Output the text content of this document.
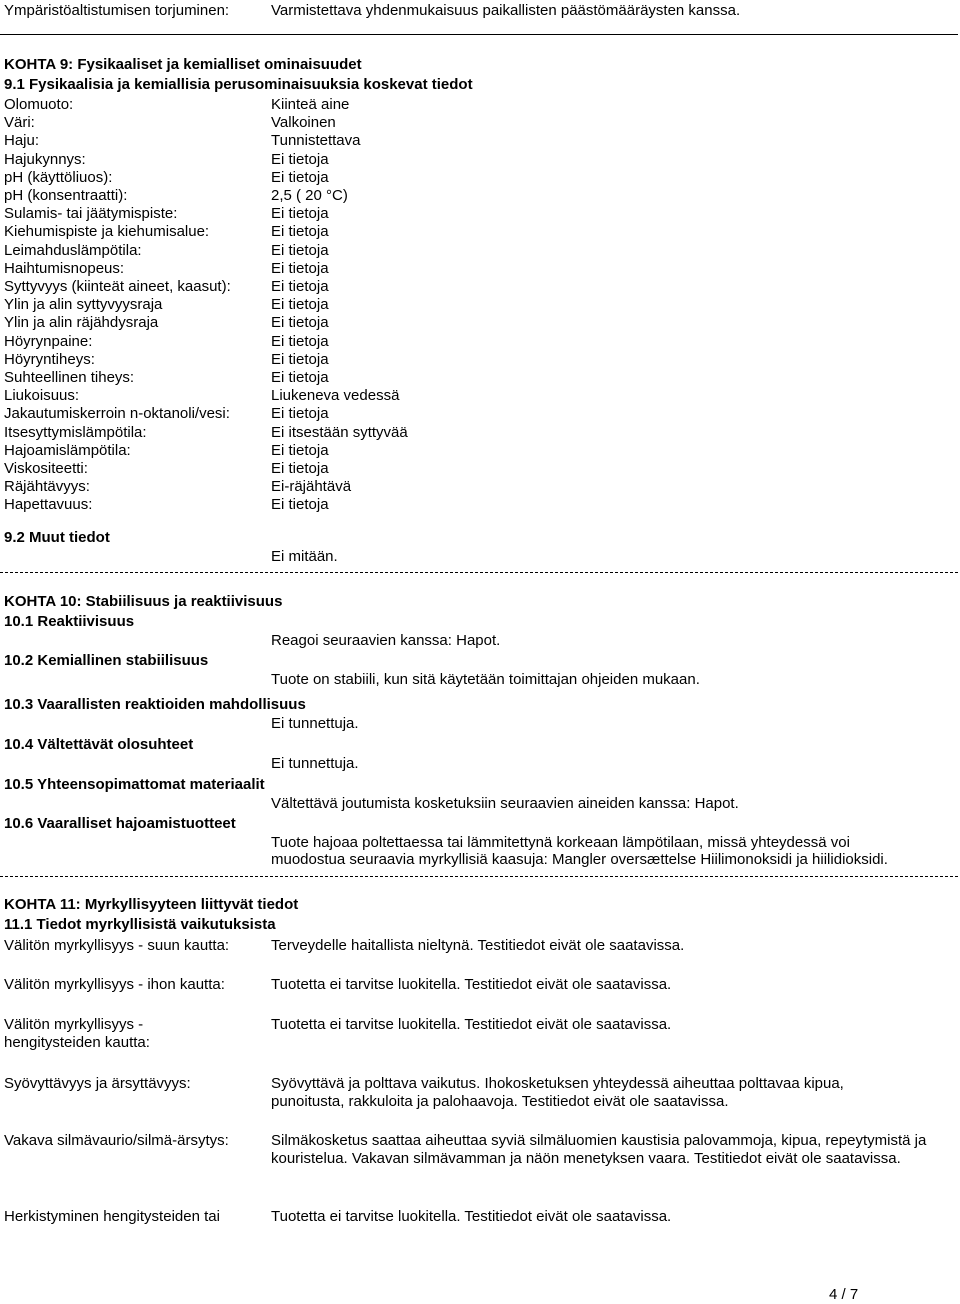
Ympäristöaltistumisen torjuminen:	Varmistettava yhdenmukaisuus paikallisten päästömääräysten kanssa.
KOHTA 9: Fysikaaliset ja kemialliset ominaisuudet
9.1 Fysikaalisia ja kemiallisia perusominaisuuksia koskevat tiedot
Olomuoto:	Kiinteä aine
Väri:	Valkoinen
Haju:	Tunnistettava
Hajukynnys:	Ei tietoja
pH (käyttöliuos):	Ei tietoja
pH (konsentraatti):	2,5 ( 20 °C)
Sulamis- tai jäätymispiste:	Ei tietoja
Kiehumispiste ja kiehumisalue:	Ei tietoja
Leimahduslämpötila:	Ei tietoja
Haihtumisnopeus:	Ei tietoja
Syttyvyys (kiinteät aineet, kaasut):	Ei tietoja
Ylin ja alin syttyvyysraja	Ei tietoja
Ylin ja alin räjähdysraja	Ei tietoja
Höyrynpaine:	Ei tietoja
Höyryntiheys:	Ei tietoja
Suhteellinen tiheys:	Ei tietoja
Liukoisuus:	Liukeneva vedessä
Jakautumiskerroin n-oktanoli/vesi:	Ei tietoja
Itsesyttymislämpötila:	Ei itsestään syttyvää
Hajoamislämpötila:	Ei tietoja
Viskositeetti:	Ei tietoja
Räjähtävyys:	Ei-räjähtävä
Hapettavuus:	Ei tietoja
9.2 Muut tiedot
Ei mitään.
KOHTA 10: Stabiilisuus ja reaktiivisuus
10.1 Reaktiivisuus
Reagoi seuraavien kanssa: Hapot.
10.2 Kemiallinen stabiilisuus
Tuote on stabiili, kun sitä käytetään toimittajan ohjeiden mukaan.
10.3 Vaarallisten reaktioiden mahdollisuus
Ei tunnettuja.
10.4 Vältettävät olosuhteet
Ei tunnettuja.
10.5 Yhteensopimattomat materiaalit
Vältettävä joutumista kosketuksiin seuraavien aineiden kanssa: Hapot.
10.6 Vaaralliset hajoamistuotteet
Tuote hajoaa poltettaessa tai lämmitettynä korkeaan lämpötilaan, missä yhteydessä voi
muodostua seuraavia myrkyllisiä kaasuja: Mangler oversættelse Hiilimonoksidi ja hiilidioksidi.
KOHTA 11: Myrkyllisyyteen liittyvät tiedot
11.1 Tiedot myrkyllisistä vaikutuksista
Välitön myrkyllisyys - suun kautta:	Terveydelle haitallista nieltynä. Testitiedot eivät ole saatavissa.
Välitön myrkyllisyys - ihon kautta:	Tuotetta ei tarvitse luokitella. Testitiedot eivät ole saatavissa.
Välitön myrkyllisyys - hengitysteiden kautta:
Tuotetta ei tarvitse luokitella. Testitiedot eivät ole saatavissa.
Syövyttävyys ja ärsyttävyys:	Syövyttävä ja polttava vaikutus. Ihokosketuksen yhteydessä aiheuttaa polttavaa kipua, punoitusta, rakkuloita ja palohaavoja. Testitiedot eivät ole saatavissa.
Vakava silmävaurio/silmä-ärsytys:	Silmäkosketus saattaa aiheuttaa syviä silmäluomien kaustisia palovammoja, kipua, repeytymistä ja kouristelua. Vakavan silmävamman ja näön menetyksen vaara. Testitiedot eivät ole saatavissa.
Herkistyminen hengitysteiden tai	Tuotetta ei tarvitse luokitella. Testitiedot eivät ole saatavissa.
4 / 7
